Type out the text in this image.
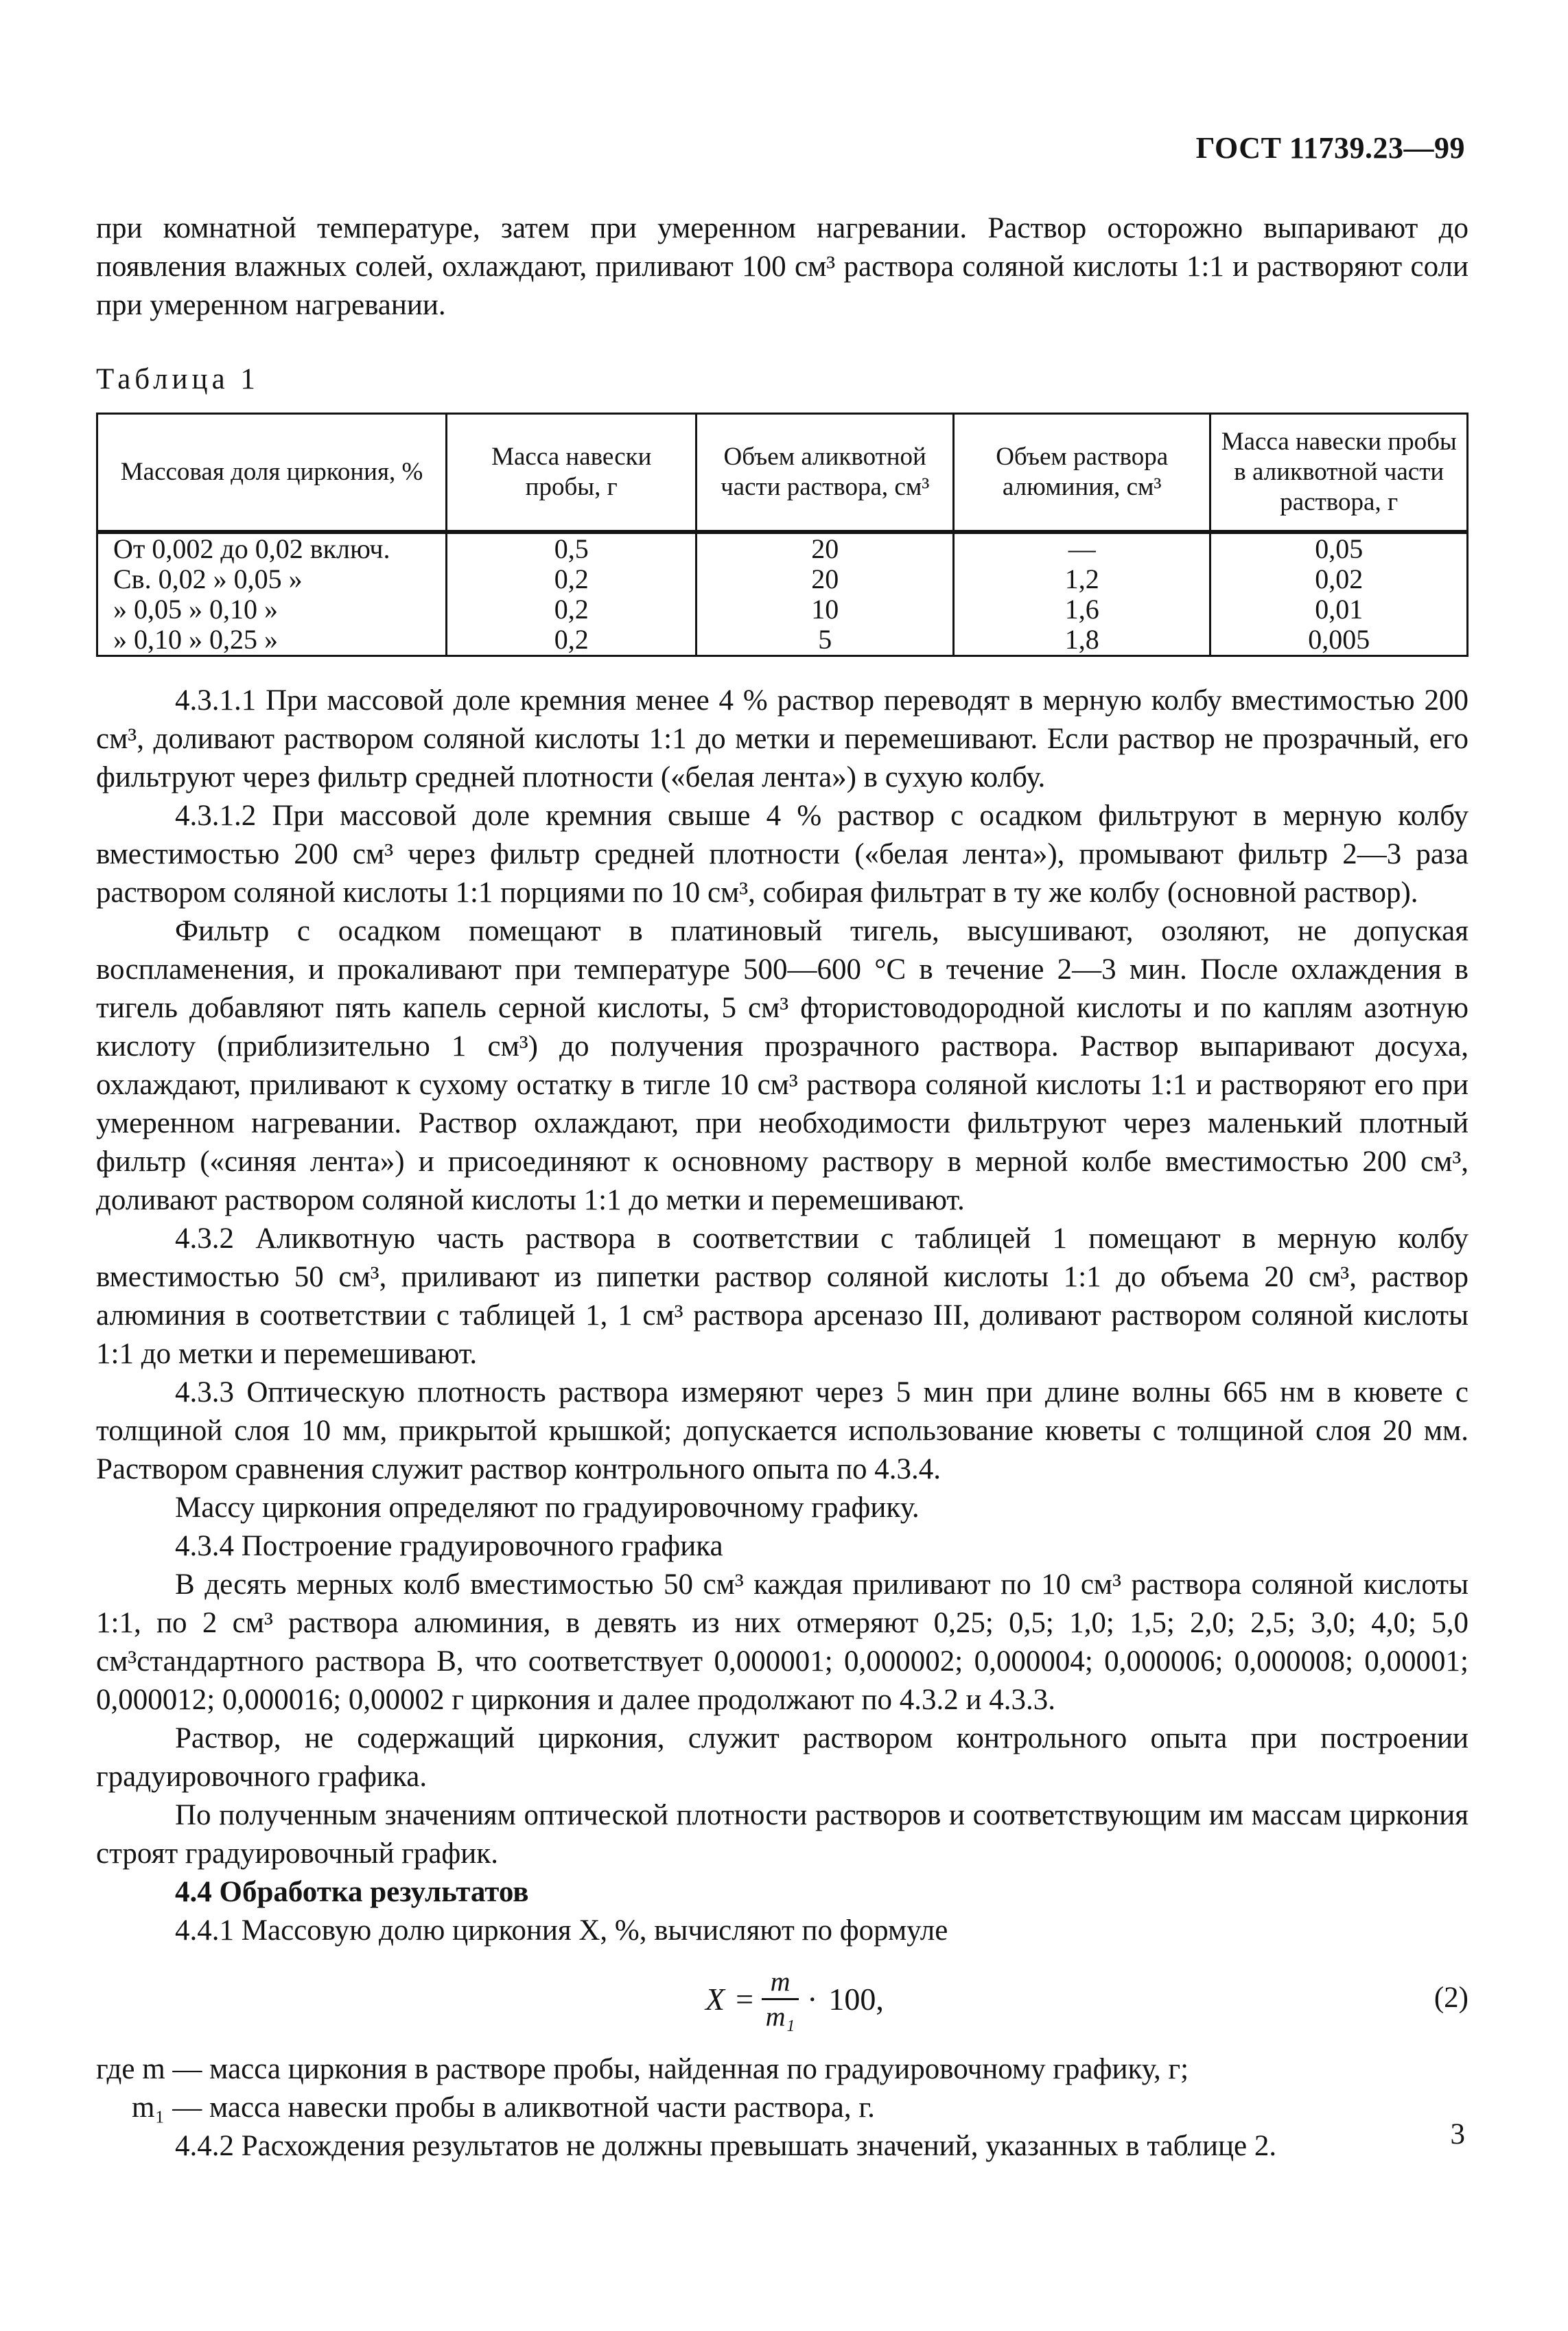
ГОСТ 11739.23—99

при комнатной температуре, затем при умеренном нагревании. Раствор осторожно выпаривают до появления влажных солей, охлаждают, приливают 100 см³ раствора соляной кислоты 1:1 и растворяют соли при умеренном нагревании.

Таблица 1
Массовая доля циркония, %	Масса навески пробы, г	Объем аликвотной части раствора, см³	Объем раствора алюминия, см³	Масса навески пробы в аликвотной части раствора, г
От 0,002 до 0,02 включ.	0,5	20	—	0,05
Св. 0,02 » 0,05 »	0,2	20	1,2	0,02
» 0,05 » 0,10 »	0,2	10	1,6	0,01
» 0,10 » 0,25 »	0,2	5	1,8	0,005

4.3.1.1 При массовой доле кремния менее 4 % раствор переводят в мерную колбу вместимостью 200 см³, доливают раствором соляной кислоты 1:1 до метки и перемешивают. Если раствор не прозрачный, его фильтруют через фильтр средней плотности («белая лента») в сухую колбу.

4.3.1.2 При массовой доле кремния свыше 4 % раствор с осадком фильтруют в мерную колбу вместимостью 200 см³ через фильтр средней плотности («белая лента»), промывают фильтр 2—3 раза раствором соляной кислоты 1:1 порциями по 10 см³, собирая фильтрат в ту же колбу (основной раствор).

Фильтр с осадком помещают в платиновый тигель, высушивают, озоляют, не допуская воспламенения, и прокаливают при температуре 500—600 °С в течение 2—3 мин. После охлаждения в тигель добавляют пять капель серной кислоты, 5 см³ фтористоводородной кислоты и по каплям азотную кислоту (приблизительно 1 см³) до получения прозрачного раствора. Раствор выпаривают досуха, охлаждают, приливают к сухому остатку в тигле 10 см³ раствора соляной кислоты 1:1 и растворяют его при умеренном нагревании. Раствор охлаждают, при необходимости фильтруют через маленький плотный фильтр («синяя лента») и присоединяют к основному раствору в мерной колбе вместимостью 200 см³, доливают раствором соляной кислоты 1:1 до метки и перемешивают.

4.3.2 Аликвотную часть раствора в соответствии с таблицей 1 помещают в мерную колбу вместимостью 50 см³, приливают из пипетки раствор соляной кислоты 1:1 до объема 20 см³, раствор алюминия в соответствии с таблицей 1, 1 см³ раствора арсеназо III, доливают раствором соляной кислоты 1:1 до метки и перемешивают.

4.3.3 Оптическую плотность раствора измеряют через 5 мин при длине волны 665 нм в кювете с толщиной слоя 10 мм, прикрытой крышкой; допускается использование кюветы с толщиной слоя 20 мм. Раствором сравнения служит раствор контрольного опыта по 4.3.4.

Массу циркония определяют по градуировочному графику.

4.3.4 Построение градуировочного графика

В десять мерных колб вместимостью 50 см³ каждая приливают по 10 см³ раствора соляной кислоты 1:1, по 2 см³ раствора алюминия, в девять из них отмеряют 0,25; 0,5; 1,0; 1,5; 2,0; 2,5; 3,0; 4,0; 5,0 см³стандартного раствора В, что соответствует 0,000001; 0,000002; 0,000004; 0,000006; 0,000008; 0,00001; 0,000012; 0,000016; 0,00002 г циркония и далее продолжают по 4.3.2 и 4.3.3.

Раствор, не содержащий циркония, служит раствором контрольного опыта при построении градуировочного графика.

По полученным значениям оптической плотности растворов и соответствующим им массам циркония строят градуировочный график.

4.4 Обработка результатов

4.4.1 Массовую долю циркония X, %, вычисляют по формуле

$X = \frac{m}{\text{m₁}} \cdot 100$,	(2)

где m — масса циркония в растворе пробы, найденная по градуировочному графику, г;

m₁ — масса навески пробы в аликвотной части раствора, г.

4.4.2 Расхождения результатов не должны превышать значений, указанных в таблице 2.	3
